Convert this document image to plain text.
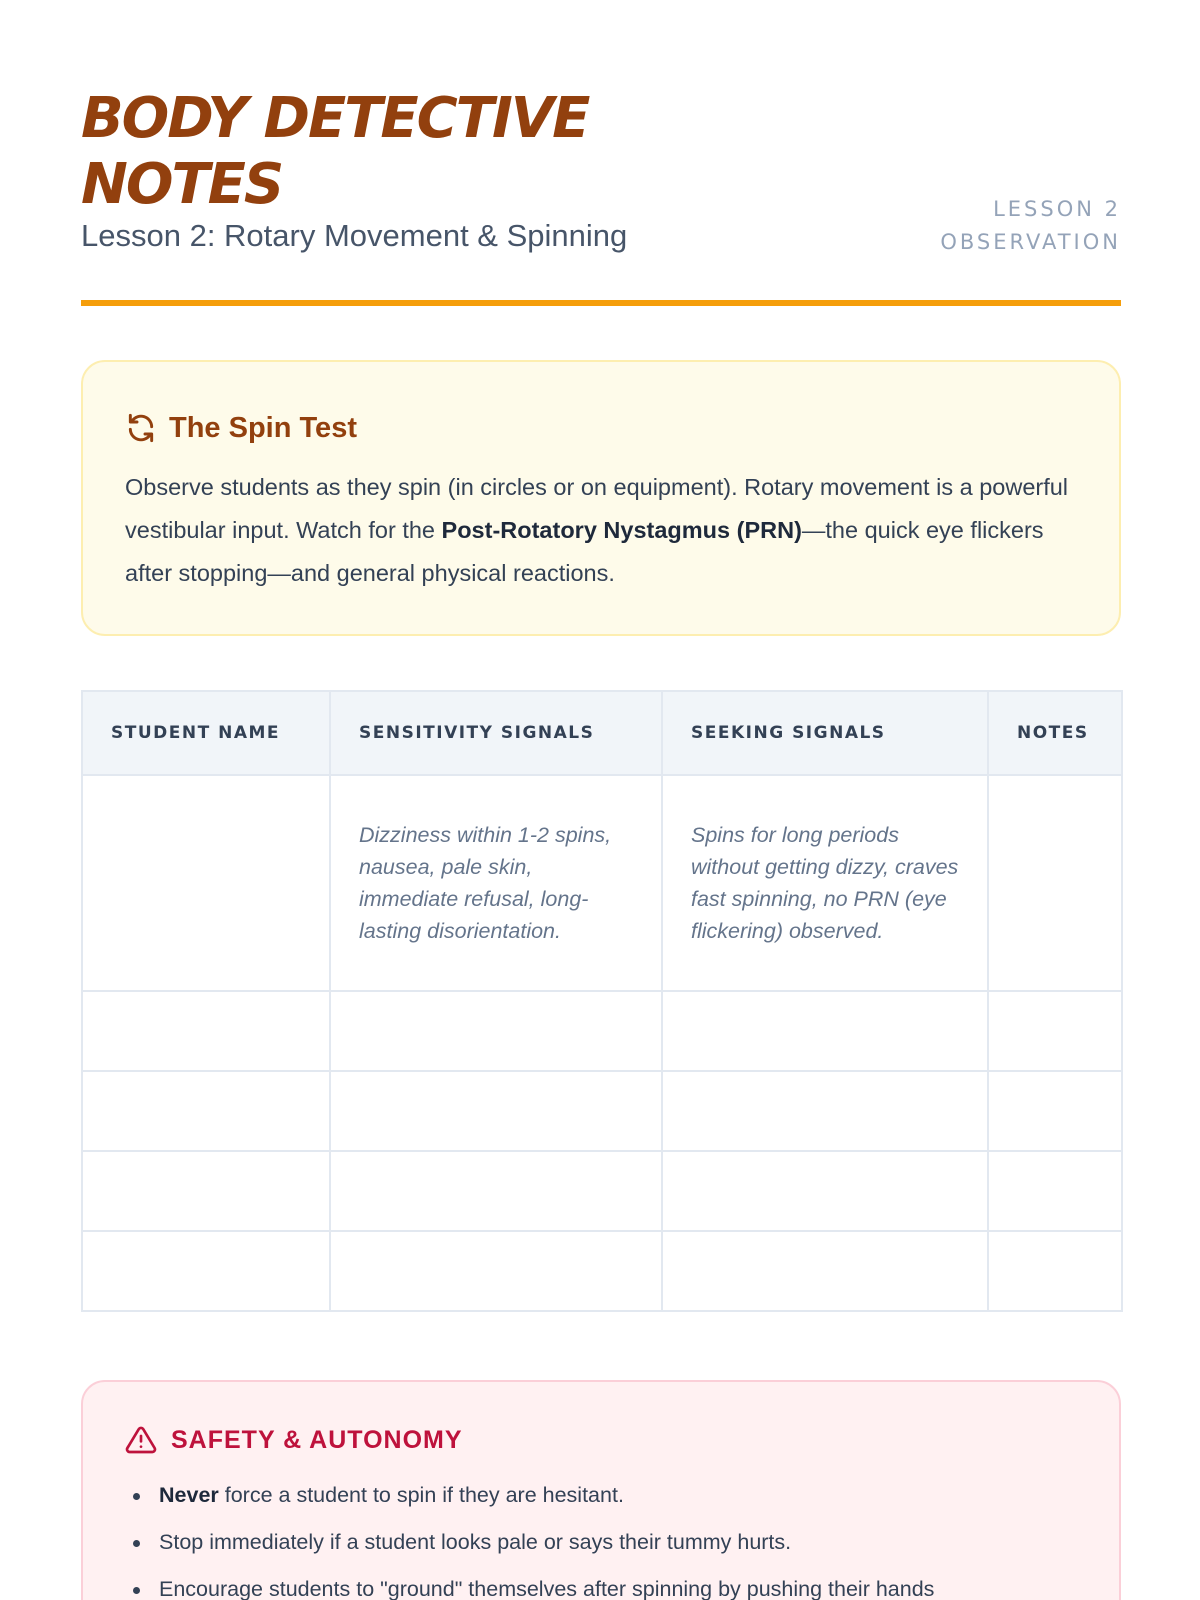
BODY DETECTIVE NOTES
Lesson 2: Rotary Movement & Spinning
LESSON 2
OBSERVATION
The Spin Test

Observe students as they spin (in circles or on equipment). Rotary movement is a powerful vestibular input. Watch for the Post-Rotatory Nystagmus (PRN)—the quick eye flickers after stopping—and general physical reactions.

STUDENT NAME	SENSITIVITY SIGNALS	SEEKING SIGNALS	NOTES

	Dizziness within 1-2 spins, nausea, pale skin, immediate refusal, long-lasting disorientation.	Spins for long periods without getting dizzy, craves fast spinning, no PRN (eye flickering) observed.	

SAFETY & AUTONOMY
Never force a student to spin if they are hesitant.
Stop immediately if a student looks pale or says their tummy hurts.
Encourage students to "ground" themselves after spinning by pushing their hands
